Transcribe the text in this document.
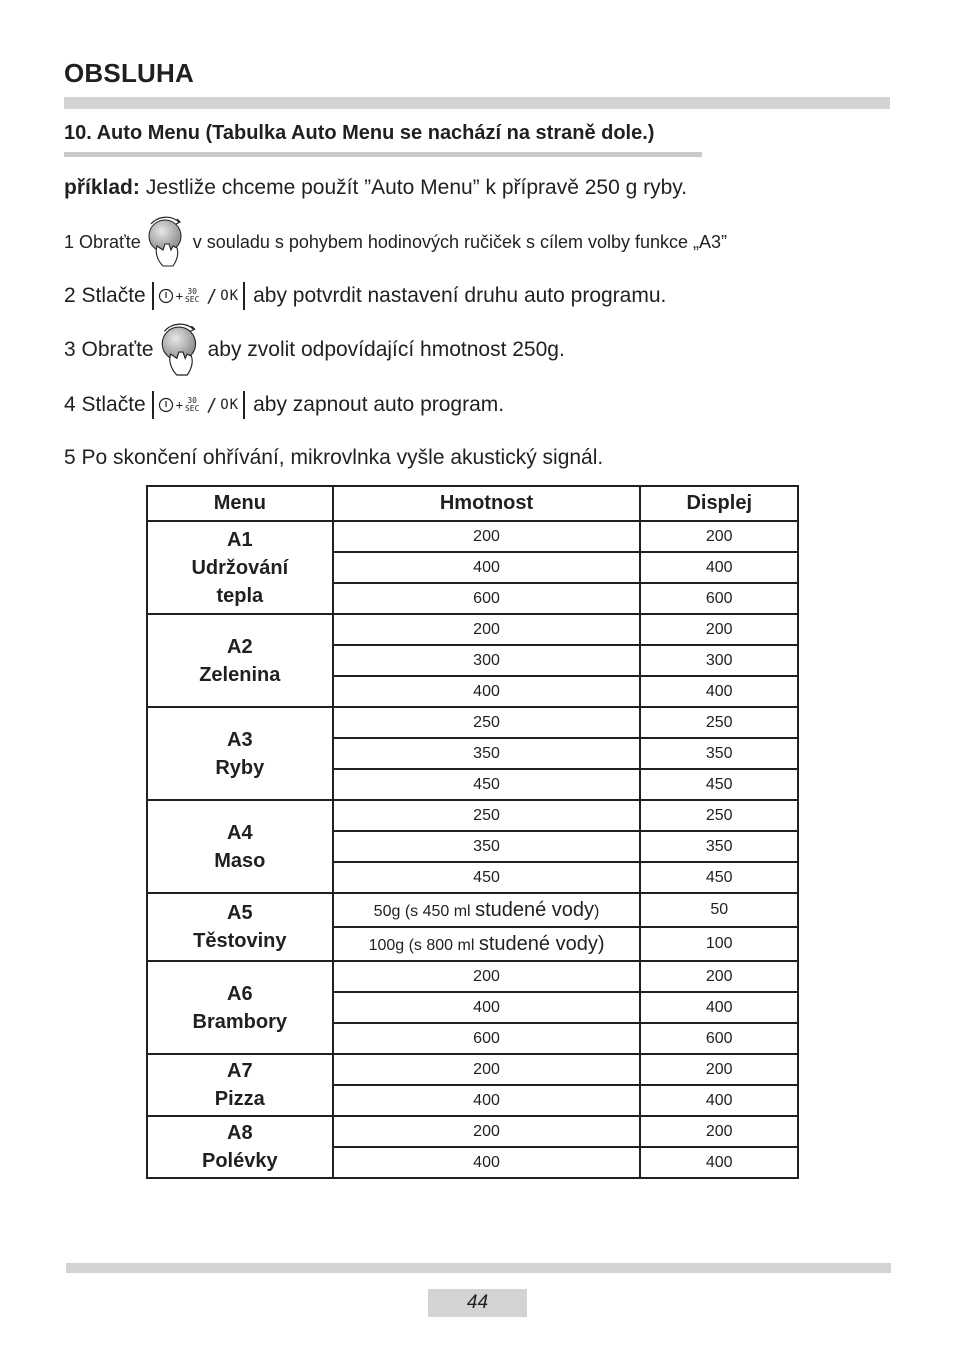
OBSLUHA
10. Auto Menu (Tabulka Auto Menu se nachází na straně dole.)
příklad: Jestliže chceme použít ”Auto Menu” k přípravě 250 g ryby.
1 Obraťte	v souladu s pohybem hodinových ručiček s cílem volby funkce „A3”
2 Stlačte	+ 30
SEC / OK aby potvrdit nastavení druhu auto programu.
3 Obraťte	aby zvolit odpovídající hmotnost 250g.
4 Stlačte	+ 30
SEC / OK aby zapnout auto program.
5 Po skončení ohřívání, mikrovlnka vyšle akustický signál.
Menu	Hmotnost	Displej

A1
Udržování tepla	200	200
	400	400
	600	600

A2
Zelenina	200	200
	300	300
	400	400

A3
Ryby	250	250
	350	350
	450	450

A4
Maso	250	250
	350	350
	450	450

A5
Těstoviny	50g (s 450 ml studené vody)	50
	100g (s 800 ml studené vody)	100

A6
Brambory	200	200
	400	400
	600	600

A7
Pizza	200	200
	400	400

A8
Polévky	200	200
	400	400
44
